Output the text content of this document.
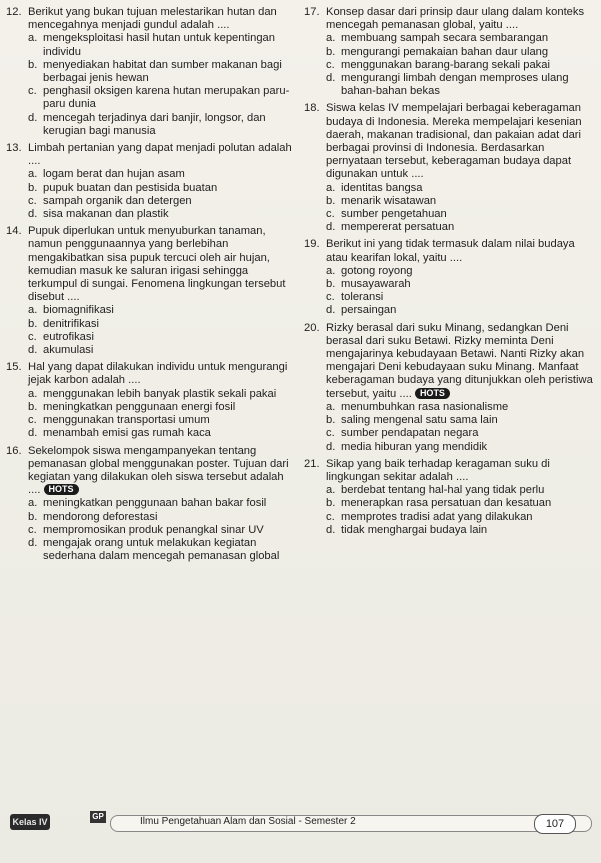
12. Berikut yang bukan tujuan melestarikan hutan dan mencegahnya menjadi gundul adalah ....
a. mengeksploitasi hasil hutan untuk kepentingan individu
b. menyediakan habitat dan sumber makanan bagi berbagai jenis hewan
c. penghasil oksigen karena hutan merupakan paru-paru dunia
d. mencegah terjadinya dari banjir, longsor, dan kerugian bagi manusia
13. Limbah pertanian yang dapat menjadi polutan adalah ....
a. logam berat dan hujan asam
b. pupuk buatan dan pestisida buatan
c. sampah organik dan detergen
d. sisa makanan dan plastik
14. Pupuk diperlukan untuk menyuburkan tanaman, namun penggunaannya yang berlebihan mengakibatkan sisa pupuk tercuci oleh air hujan, kemudian masuk ke saluran irigasi sehingga terkumpul di sungai. Fenomena lingkungan tersebut disebut ....
a. biomagnifikasi
b. denitrifikasi
c. eutrofikasi
d. akumulasi
15. Hal yang dapat dilakukan individu untuk mengurangi jejak karbon adalah ....
a. menggunakan lebih banyak plastik sekali pakai
b. meningkatkan penggunaan energi fosil
c. menggunakan transportasi umum
d. menambah emisi gas rumah kaca
16. Sekelompok siswa mengampanyekan tentang pemanasan global menggunakan poster. Tujuan dari kegiatan yang dilakukan oleh siswa tersebut adalah .... HOTS
a. meningkatkan penggunaan bahan bakar fosil
b. mendorong deforestasi
c. mempromosikan produk penangkal sinar UV
d. mengajak orang untuk melakukan kegiatan sederhana dalam mencegah pemanasan global
17. Konsep dasar dari prinsip daur ulang dalam konteks mencegah pemanasan global, yaitu ....
a. membuang sampah secara sembarangan
b. mengurangi pemakaian bahan daur ulang
c. menggunakan barang-barang sekali pakai
d. mengurangi limbah dengan memproses ulang bahan-bahan bekas
18. Siswa kelas IV mempelajari berbagai keberagaman budaya di Indonesia. Mereka mempelajari kesenian daerah, makanan tradisional, dan pakaian adat dari berbagai provinsi di Indonesia. Berdasarkan pernyataan tersebut, keberagaman budaya dapat digunakan untuk ....
a. identitas bangsa
b. menarik wisatawan
c. sumber pengetahuan
d. mempererat persatuan
19. Berikut ini yang tidak termasuk dalam nilai budaya atau kearifan lokal, yaitu ....
a. gotong royong
b. musayawarah
c. toleransi
d. persaingan
20. Rizky berasal dari suku Minang, sedangkan Deni berasal dari suku Betawi. Rizky meminta Deni mengajarinya kebudayaan Betawi. Nanti Rizky akan mengajari Deni kebudayaan suku Minang. Manfaat keberagaman budaya yang ditunjukkan oleh peristiwa tersebut, yaitu .... HOTS
a. menumbuhkan rasa nasionalisme
b. saling mengenal satu sama lain
c. sumber pendapatan negara
d. media hiburan yang mendidik
21. Sikap yang baik terhadap keragaman suku di lingkungan sekitar adalah ....
a. berdebat tentang hal-hal yang tidak perlu
b. menerapkan rasa persatuan dan kesatuan
c. memprotes tradisi adat yang dilakukan
d. tidak menghargai budaya lain
Kelas IV
GP	Ilmu Pengetahuan Alam dan Sosial - Semester 2	107
